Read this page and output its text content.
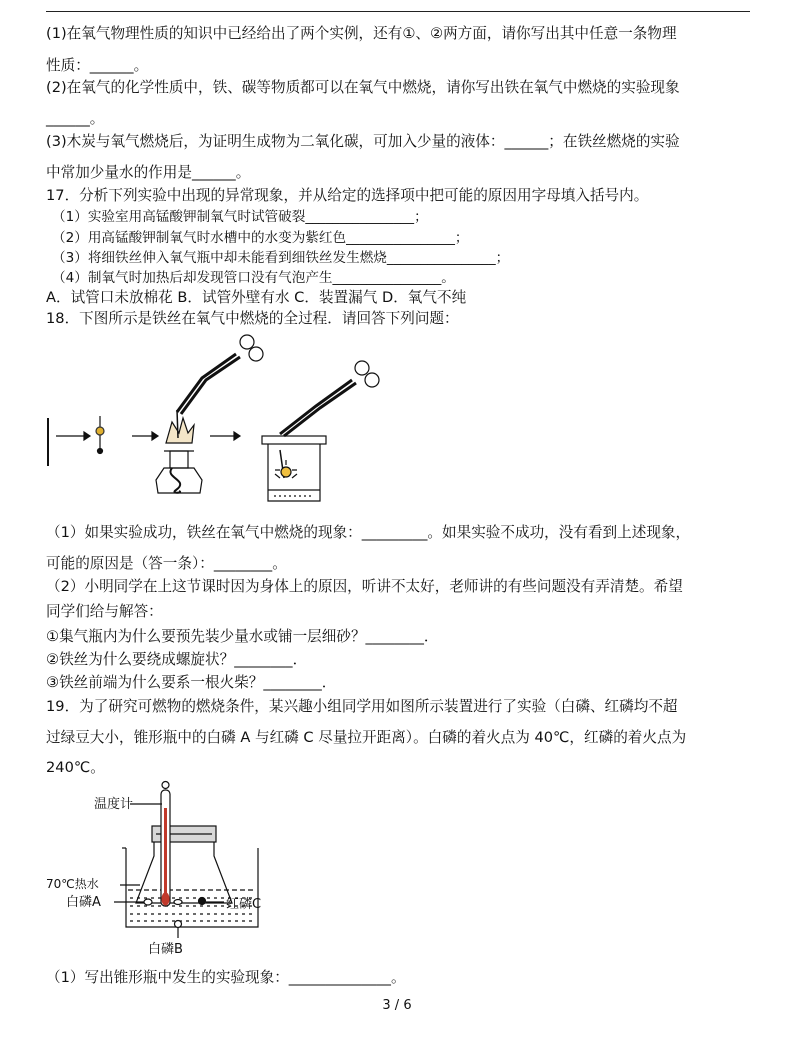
(1)在氧气物理性质的知识中已经给出了两个实例，还有①、②两方面，请你写出其中任意一条物理
性质：______。
(2)在氧气的化学性质中，铁、碳等物质都可以在氧气中燃烧，请你写出铁在氧气中燃烧的实验现象
______。
(3)木炭与氧气燃烧后，为证明生成物为二氧化碳，可加入少量的液体：______；在铁丝燃烧的实验
中常加少量水的作用是______。
17．分析下列实验中出现的异常现象，并从给定的选择项中把可能的原因用字母填入括号内。
（1）实验室用高锰酸钾制氧气时试管破裂________________；
（2）用高锰酸钾制氧气时水槽中的水变为紫红色________________；
（3）将细铁丝伸入氧气瓶中却未能看到细铁丝发生燃烧________________；
（4）制氧气时加热后却发现管口没有气泡产生________________。
A．试管口未放棉花 B．试管外壁有水 C．装置漏气 D．氧气不纯
18．下图所示是铁丝在氧气中燃烧的全过程．请回答下列问题：
（1）如果实验成功，铁丝在氧气中燃烧的现象：_________。如果实验不成功，没有看到上述现象，
可能的原因是（答一条）：________。
（2）小明同学在上这节课时因为身体上的原因，听讲不太好，老师讲的有些问题没有弄清楚。希望
同学们给与解答：
①集气瓶内为什么要预先装少量水或铺一层细砂？________．
②铁丝为什么要绕成螺旋状？________．
③铁丝前端为什么要系一根火柴？________．
19．为了研究可燃物的燃烧条件，某兴趣小组同学用如图所示装置进行了实验（白磷、红磷均不超
过绿豆大小，锥形瓶中的白磷 A 与红磷 C 尽量拉开距离）。白磷的着火点为 40℃，红磷的着火点为
240℃。
温度计
70℃热水
白磷A	红磷C
白磷B
（1）写出锥形瓶中发生的实验现象：______________。
3 / 6
